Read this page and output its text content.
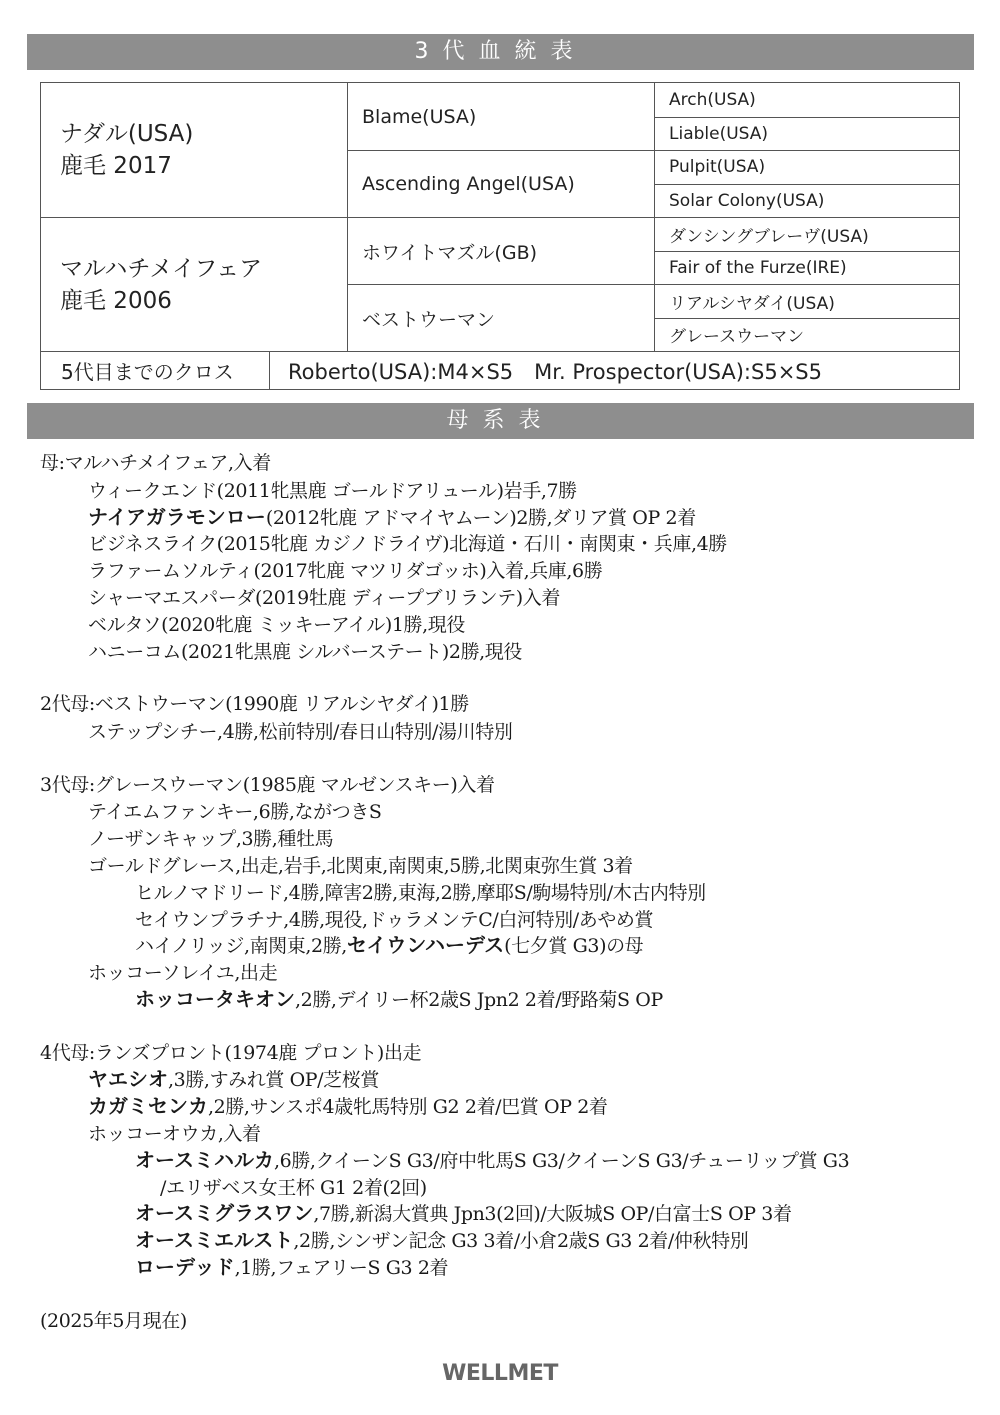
3代血統表
ナダル(USA)
鹿毛 2017
マルハチメイフェア
鹿毛 2006
Blame(USA)
Ascending Angel(USA)
ホワイトマズル(GB)
ベストウーマン
Arch(USA)
Liable(USA)
Pulpit(USA)
Solar Colony(USA)
ダンシングブレーヴ(USA)
Fair of the Furze(IRE)
リアルシヤダイ(USA)
グレースウーマン
5代目までのクロス	Roberto(USA):M4×S5　Mr. Prospector(USA):S5×S5
母系表
母:マルハチメイフェア,入着
ウィークエンド(2011牝黒鹿 ゴールドアリュール)岩手,7勝
ナイアガラモンロー(2012牝鹿 アドマイヤムーン)2勝,ダリア賞 OP 2着
ビジネスライク(2015牝鹿 カジノドライヴ)北海道・石川・南関東・兵庫,4勝
ラファームソルティ(2017牝鹿 マツリダゴッホ)入着,兵庫,6勝
シャーマエスパーダ(2019牡鹿 ディープブリランテ)入着
ベルタソ(2020牝鹿 ミッキーアイル)1勝,現役
ハニーコム(2021牝黒鹿 シルバーステート)2勝,現役
2代母:ベストウーマン(1990鹿 リアルシヤダイ)1勝
ステップシチー,4勝,松前特別/春日山特別/湯川特別
3代母:グレースウーマン(1985鹿 マルゼンスキー)入着
テイエムファンキー,6勝,ながつきS
ノーザンキャップ,3勝,種牡馬
ゴールドグレース,出走,岩手,北関東,南関東,5勝,北関東弥生賞 3着
ヒルノマドリード,4勝,障害2勝,東海,2勝,摩耶S/駒場特別/木古内特別
セイウンプラチナ,4勝,現役,ドゥラメンテC/白河特別/あやめ賞
ハイノリッジ,南関東,2勝,セイウンハーデス(七夕賞 G3)の母
ホッコーソレイユ,出走
ホッコータキオン,2勝,デイリー杯2歳S Jpn2 2着/野路菊S OP
4代母:ランズプロント(1974鹿 プロント)出走
ヤエシオ,3勝,すみれ賞 OP/芝桜賞
カガミセンカ,2勝,サンスポ4歳牝馬特別 G2 2着/巴賞 OP 2着
ホッコーオウカ,入着
オースミハルカ,6勝,クイーンS G3/府中牝馬S G3/クイーンS G3/チューリップ賞 G3
/エリザベス女王杯 G1 2着(2回)
オースミグラスワン,7勝,新潟大賞典 Jpn3(2回)/大阪城S OP/白富士S OP 3着
オースミエルスト,2勝,シンザン記念 G3 3着/小倉2歳S G3 2着/仲秋特別
ローデッド,1勝,フェアリーS G3 2着
(2025年5月現在)
WELLMET
